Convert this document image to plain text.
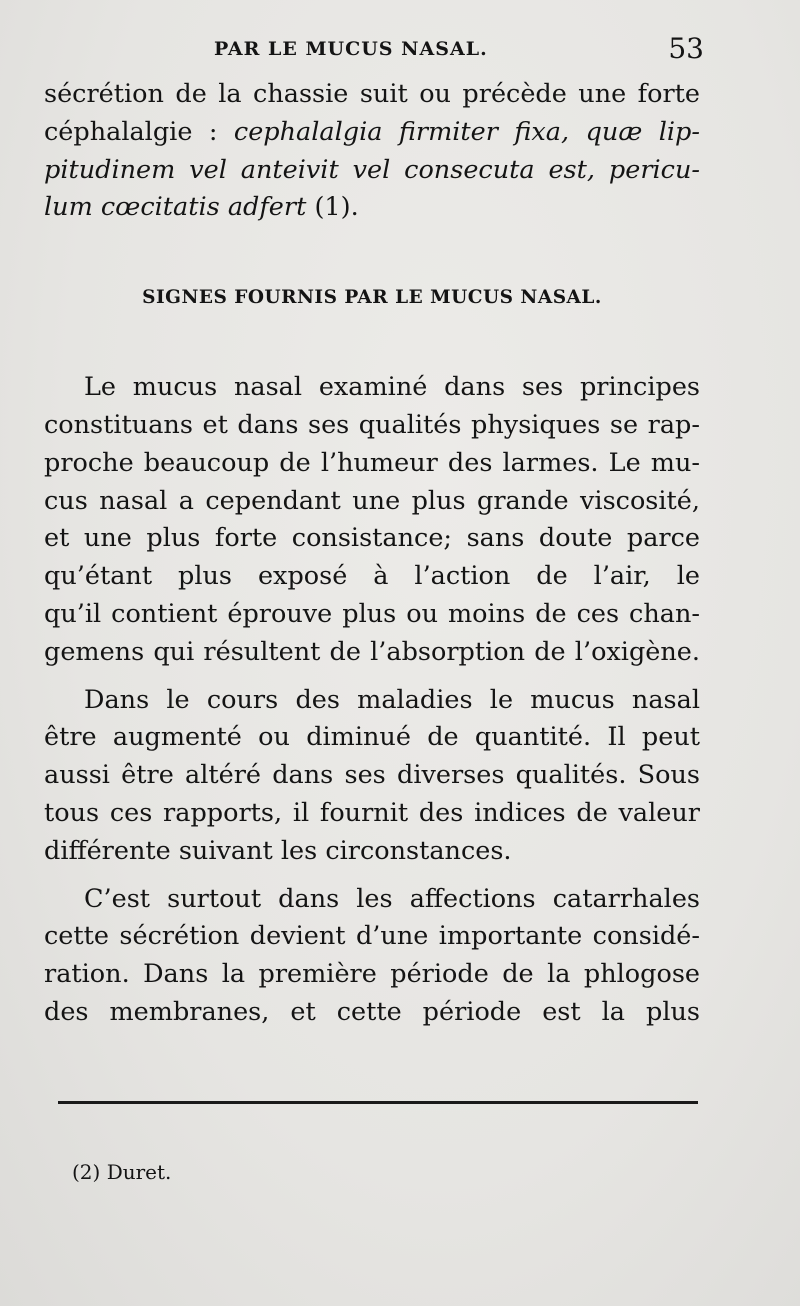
PAR LE MUCUS NASAL.	53
sécrétion de la chassie suit ou précède une forte
céphalalgie : cephalalgia firmiter fixa, quæ lip-
pitudinem vel anteivit vel consecuta est, pericu-
lum cœcitatis adfert (1).
SIGNES FOURNIS PAR LE MUCUS NASAL.
Le mucus nasal examiné dans ses principes
constituans et dans ses qualités physiques se rap-
proche beaucoup de l’humeur des larmes. Le mu-
cus nasal a cependant une plus grande viscosité,
et une plus forte consistance; sans doute parce
qu’étant plus exposé à l’action de l’air, le
qu’il contient éprouve plus ou moins de ces chan-
gemens qui résultent de l’absorption de l’oxigène.
Dans le cours des maladies le mucus nasal
être augmenté ou diminué de quantité. Il peut
aussi être altéré dans ses diverses qualités. Sous
tous ces rapports, il fournit des indices de valeur
différente suivant les circonstances.
C’est surtout dans les affections catarrhales
cette sécrétion devient d’une importante considé-
ration. Dans la première période de la phlogose
des membranes, et cette période est la plus
(2) Duret.
